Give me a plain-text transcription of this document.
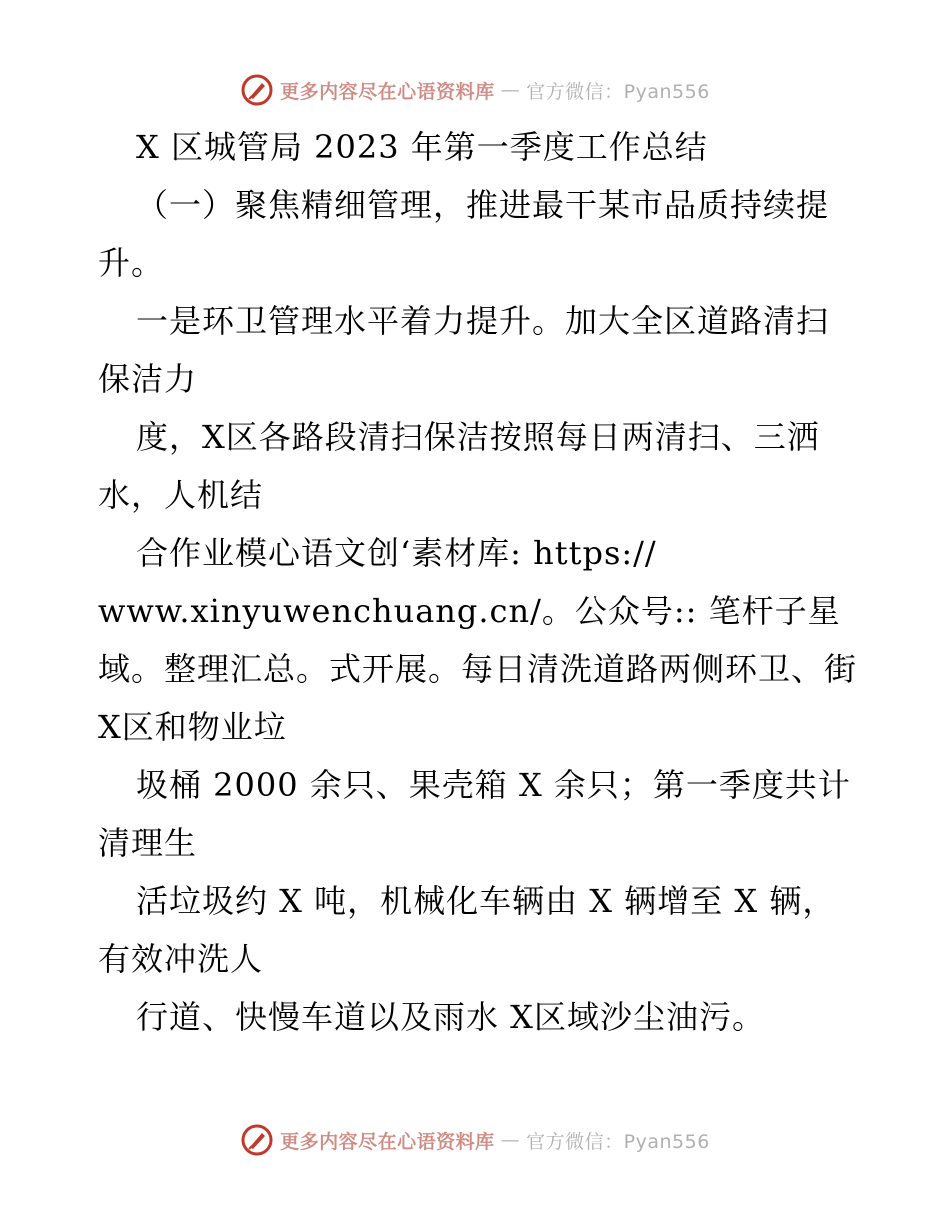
更多内容尽在心语资料库 — 官方微信：Pyan556

X 区城管局 2023 年第一季度工作总结

（一）聚焦精细管理，推进最干某市品质持续提升。

一是环卫管理水平着力提升。加大全区道路清扫保洁力

度，X区各路段清扫保洁按照每日两清扫、三洒水，人机结

合作业模心语文创‘素材库: https://

www.xinyuwenchuang.cn/。公众号:: 笔杆子星

域。整理汇总。式开展。每日清洗道路两侧环卫、街 X区和物业垃

圾桶 2000 余只、果壳箱 X 余只；第一季度共计清理生

活垃圾约 X 吨，机械化车辆由 X 辆增至 X 辆，有效冲洗人

行道、快慢车道以及雨水 X区域沙尘油污。

更多内容尽在心语资料库 — 官方微信：Pyan556
